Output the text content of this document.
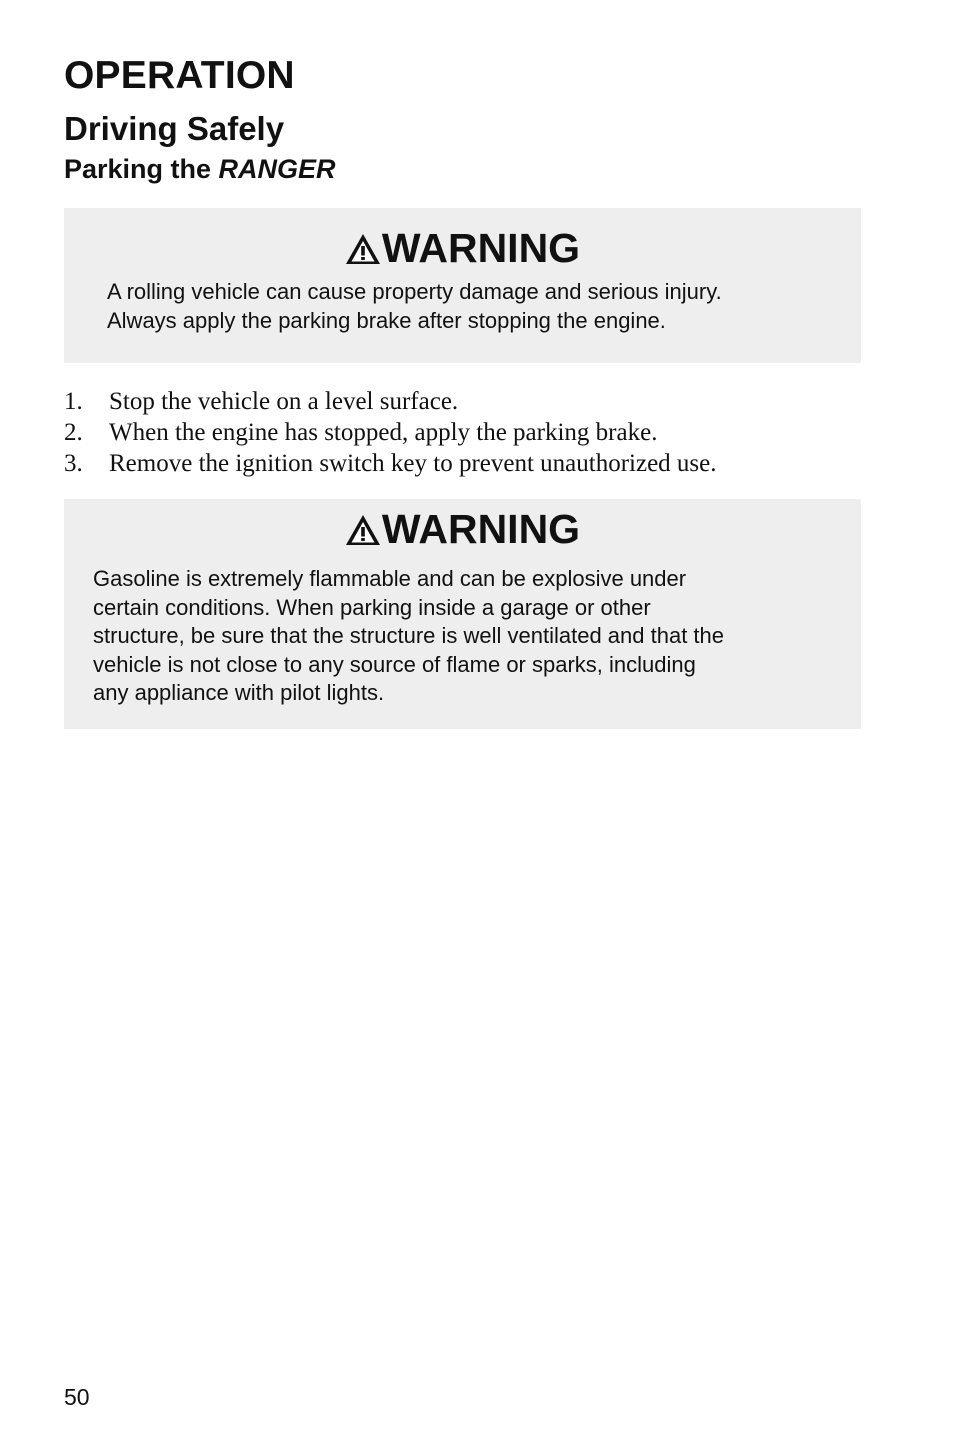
OPERATION
Driving Safely
Parking the RANGER
WARNING
A rolling vehicle can cause property damage and serious injury.
Always apply the parking brake after stopping the engine.
1. Stop the vehicle on a level surface.
2. When the engine has stopped, apply the parking brake.
3. Remove the ignition switch key to prevent unauthorized use.
WARNING
Gasoline is extremely flammable and can be explosive under
certain conditions. When parking inside a garage or other
structure, be sure that the structure is well ventilated and that the
vehicle is not close to any source of flame or sparks, including
any appliance with pilot lights.
50
